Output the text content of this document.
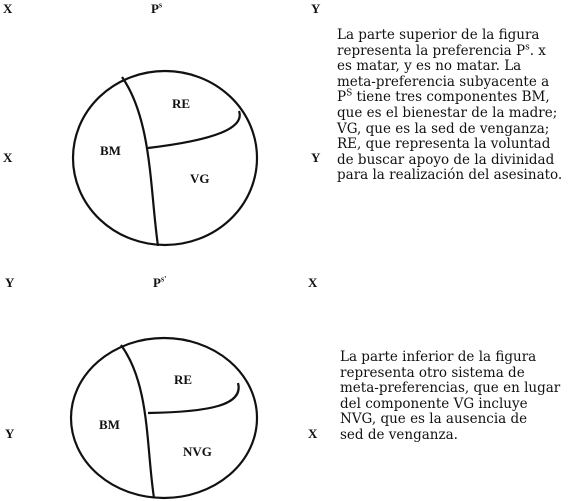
X	$P^s$	Y
X	Y
Y	$P^{s'}$	X
Y	X
RE
BM
VG
RE
BM
NVG
La parte superior de la figura
representa la preferencia $P^s$. x
es matar, y es no matar. La
meta-preferencia subyacente a
$P^S$ tiene tres componentes BM,
que es el bienestar de la madre;
VG, que es la sed de venganza;
RE, que representa la voluntad
de buscar apoyo de la divinidad
para la realización del asesinato.
La parte inferior de la figura
representa otro sistema de
meta-preferencias, que en lugar
del componente VG incluye
NVG, que es la ausencia de
sed de venganza.
